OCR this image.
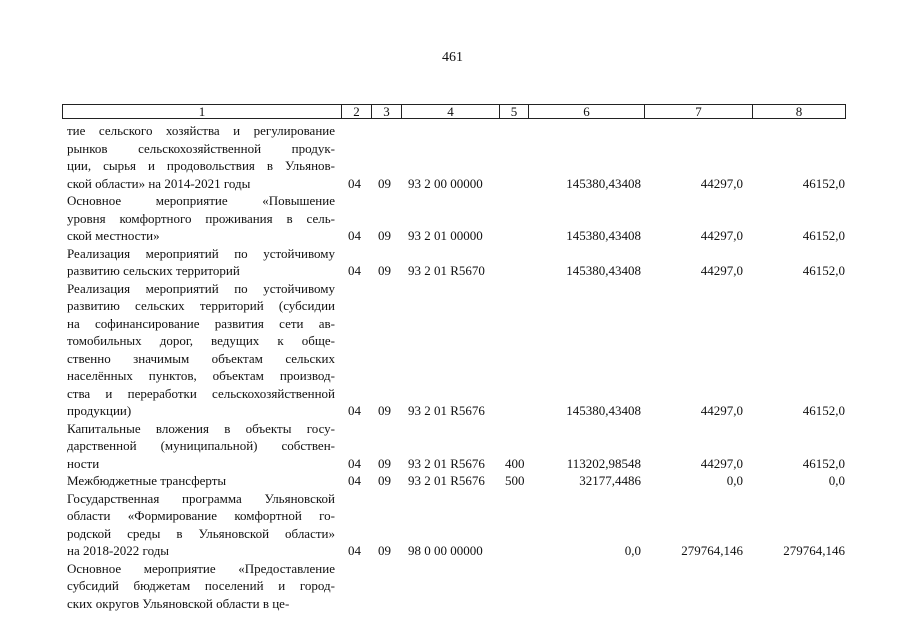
461
1	2	3	4	5	6	7	8
тие сельского хозяйства и регулирование
рынков сельскохозяйственной продук-
ции, сырья и продовольствия в Ульянов-
ской области» на 2014-2021 годы	04 09 93 2 00 00000	145380,43408	44297,0	46152,0
Основное мероприятие «Повышение
уровня комфортного проживания в сель-
ской местности»	04 09 93 2 01 00000	145380,43408	44297,0	46152,0
Реализация мероприятий по устойчивому
развитию сельских территорий	04 09 93 2 01 R5670	145380,43408	44297,0	46152,0
Реализация мероприятий по устойчивому
развитию сельских территорий (субсидии
на софинансирование развития сети ав-
томобильных дорог, ведущих к обще-
ственно значимым объектам сельских
населённых пунктов, объектам производ-
ства и переработки сельскохозяйственной
продукции)	04 09 93 2 01 R5676	145380,43408	44297,0	46152,0
Капитальные вложения в объекты госу-
дарственной (муниципальной) собствен-
ности	04 09 93 2 01 R5676 400	113202,98548	44297,0	46152,0
Межбюджетные трансферты	04 09 93 2 01 R5676 500	32177,4486	0,0	0,0
Государственная программа Ульяновской
области «Формирование комфортной го-
родской среды в Ульяновской области»
на 2018-2022 годы	04 09 98 0 00 00000	0,0	279764,146	279764,146
Основное мероприятие «Предоставление
субсидий бюджетам поселений и город-
ских округов Ульяновской области в це-
